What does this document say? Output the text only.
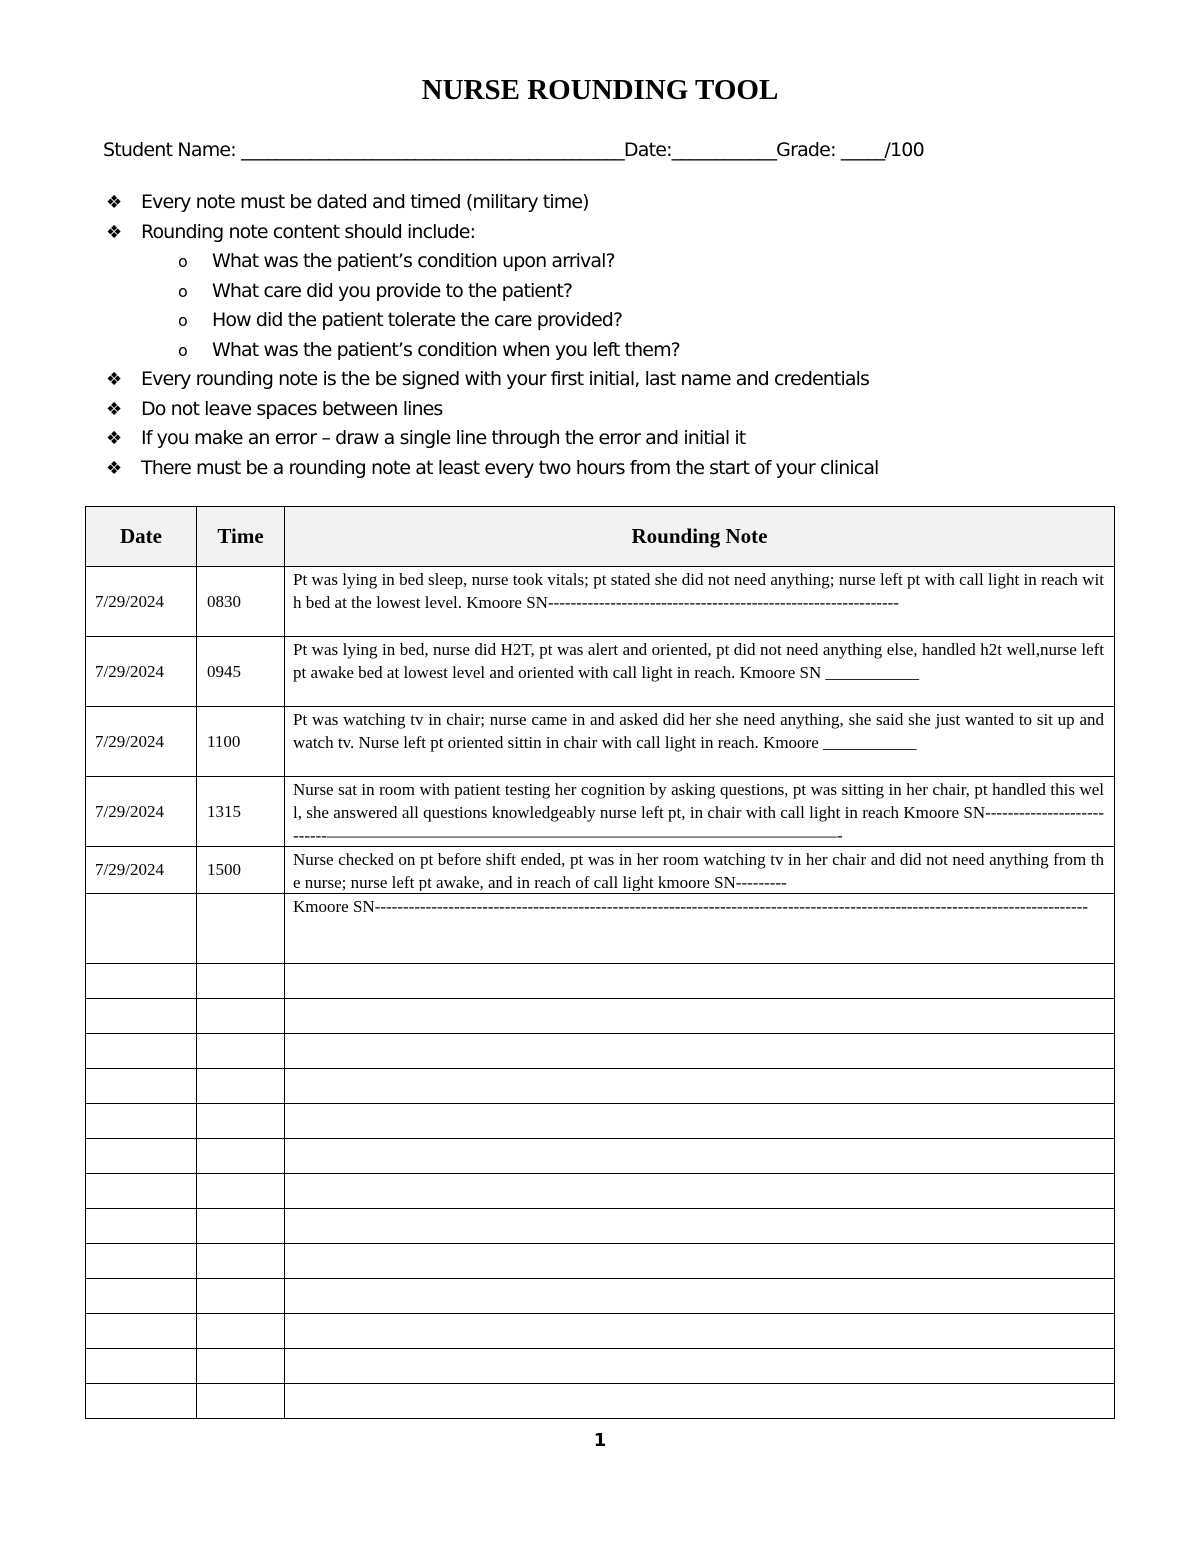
NURSE ROUNDING TOOL
Student Name: ____________________________________________Date:____________Grade: _____/100
❖ Every note must be dated and timed (military time)
❖ Rounding note content should include:
o	What was the patient’s condition upon arrival?
o	What care did you provide to the patient?
o	How did the patient tolerate the care provided?
o	What was the patient’s condition when you left them?
❖ Every rounding note is the be signed with your first initial, last name and credentials
❖ Do not leave spaces between lines
❖ If you make an error – draw a single line through the error and initial it
❖ There must be a rounding note at least every two hours from the start of your clinical
Date	Time	Rounding Note
7/29/2024	0830	Pt was lying in bed sleep, nurse took vitals; pt stated she did not need anything; nurse left pt with call light in reach with bed at the lowest level. Kmoore SN--------------------------------------------------------------

7/29/2024	0945	Pt was lying in bed, nurse did H2T, pt was alert and oriented, pt did not need anything else, handled h2t well,nurse left pt awake bed at lowest level and oriented with call light in reach. Kmoore SN ___________

7/29/2024	1100	Pt was watching tv in chair; nurse came in and asked did her she need anything, she said she just wanted to sit up and watch tv. Nurse left pt oriented sittin in chair with call light in reach. Kmoore ___________

7/29/2024	1315	Nurse sat in room with patient testing her cognition by asking questions, pt was sitting in her chair, pt handled this well, she answered all questions knowledgeably nurse left pt, in chair with call light in reach Kmoore SN---------------------------——————————————————————————————-

7/29/2024	1500	Nurse checked on pt before shift ended, pt was in her room watching tv in her chair and did not need anything from the nurse; nurse left pt awake, and in reach of call light kmoore SN---------

		Kmoore SN------------------------------------------------------------------------------------------------------------------------------

1
